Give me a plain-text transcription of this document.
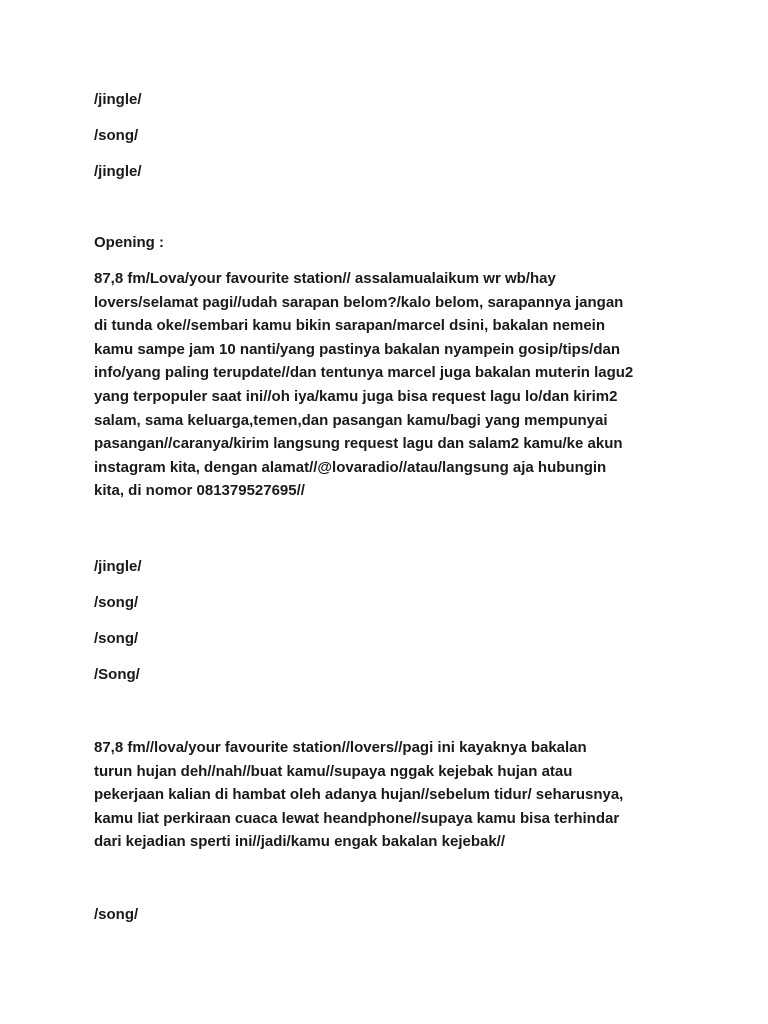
/jingle/

/song/

/jingle/

Opening :

87,8 fm/Lova/your favourite station// assalamualaikum wr wb/hay
lovers/selamat pagi//udah sarapan belom?/kalo belom, sarapannya jangan
di tunda oke//sembari kamu bikin sarapan/marcel dsini, bakalan nemein
kamu sampe jam 10 nanti/yang pastinya bakalan nyampein gosip/tips/dan
info/yang paling terupdate//dan tentunya marcel juga bakalan muterin lagu2
yang terpopuler saat ini//oh iya/kamu juga bisa request lagu lo/dan kirim2
salam, sama keluarga,temen,dan pasangan kamu/bagi yang mempunyai
pasangan//caranya/kirim langsung request lagu dan salam2 kamu/ke akun
instagram kita, dengan alamat//@lovaradio//atau/langsung aja hubungin
kita, di nomor 081379527695//

/jingle/

/song/

/song/

/Song/

87,8 fm//lova/your favourite station//lovers//pagi ini kayaknya bakalan
turun hujan deh//nah//buat kamu//supaya nggak kejebak hujan atau
pekerjaan kalian di hambat oleh adanya hujan//sebelum tidur/ seharusnya,
kamu liat perkiraan cuaca lewat heandphone//supaya kamu bisa terhindar
dari kejadian sperti ini//jadi/kamu engak bakalan kejebak//

/song/
